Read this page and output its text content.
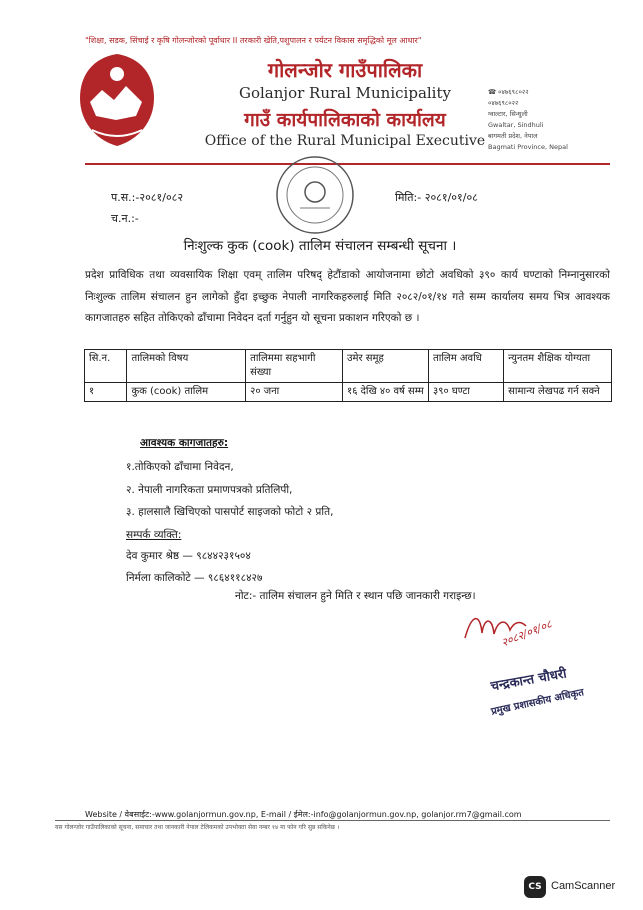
"शिक्षा, सडक, सिंचाई र कृषि गोलन्जोरको पूर्वाधार II तरकारी खेति,पशुपालन र पर्यटन विकास समृद्धिको मूल आधार"
गोलन्जोर गाउँपालिका
Golanjor Rural Municipality
गाउँ कार्यपालिकाको कार्यालय
Office of the Rural Municipal Executive
☎ ०४७६९८०२२
०४७६९८०२२
ग्वाल्टार, सिन्धुली
Gwaltar, Sindhuli
बागमती प्रदेश, नेपाल
Bagmati Province, Nepal
प.स.:-२०८१/०८२
च.न.:-
मिति:- २०८१/०१/०८
निःशुल्क कुक (cook) तालिम संचालन सम्बन्धी सूचना ।
प्रदेश प्राविधिक तथा व्यवसायिक शिक्षा एवम् तालिम परिषद् हेटौंडाको आयोजनामा छोटो अवधिको ३९० कार्य घण्टाको निम्नानुसारको निःशुल्क तालिम संचालन हुन लागेको हुँदा इच्छुक नेपाली नागरिकहरुलाई मिति २०८२/०१/१४ गते सम्म कार्यालय समय भित्र आवश्यक कागजातहरु सहित तोकिएको ढाँचामा निवेदन दर्ता गर्नुहुन यो सूचना प्रकाशन गरिएको छ ।
सि.न.	तालिमको विषय	तालिममा सहभागी संख्या	उमेर समूह	तालिम अवधि	न्युनतम शैक्षिक योग्यता
१	कुक (cook) तालिम	२० जना	१६ देखि ४० वर्ष सम्म	३९० घण्टा	सामान्य लेखपढ गर्न सक्ने
आवश्यक कागजातहरु:
१.तोकिएको ढाँचामा निवेदन,
२. नेपाली नागरिकता प्रमाणपत्रको प्रतिलिपी,
३. हालसालै खिचिएको पासपोर्ट साइजको फोटो २ प्रति,
सम्पर्क व्यक्ति:
देव कुमार श्रेष्ठ — ९८४४२३१५०४
निर्मला कालिकोटे — ९८६४११८४२७
नोट:- तालिम संचालन हुने मिति र स्थान पछि जानकारी गराइन्छ।
२०८२/०१/०८
चन्द्रकान्त चौधरी
प्रमुख प्रशासकीय अधिकृत
Website / वेबसाईट:-www.golanjormun.gov.np, E-mail / ईमेल:-info@golanjormun.gov.np, golanjor.rm7@gmail.com
यस गोलन्जोर गाउँपालिकाको सूचना, समाचार तथा जानकारी नेपाल टेलिकमको उपभोक्ता सेवा नम्बर १४ मा फोन गरि सुन्न सकिनेछ ।
CS CamScanner
